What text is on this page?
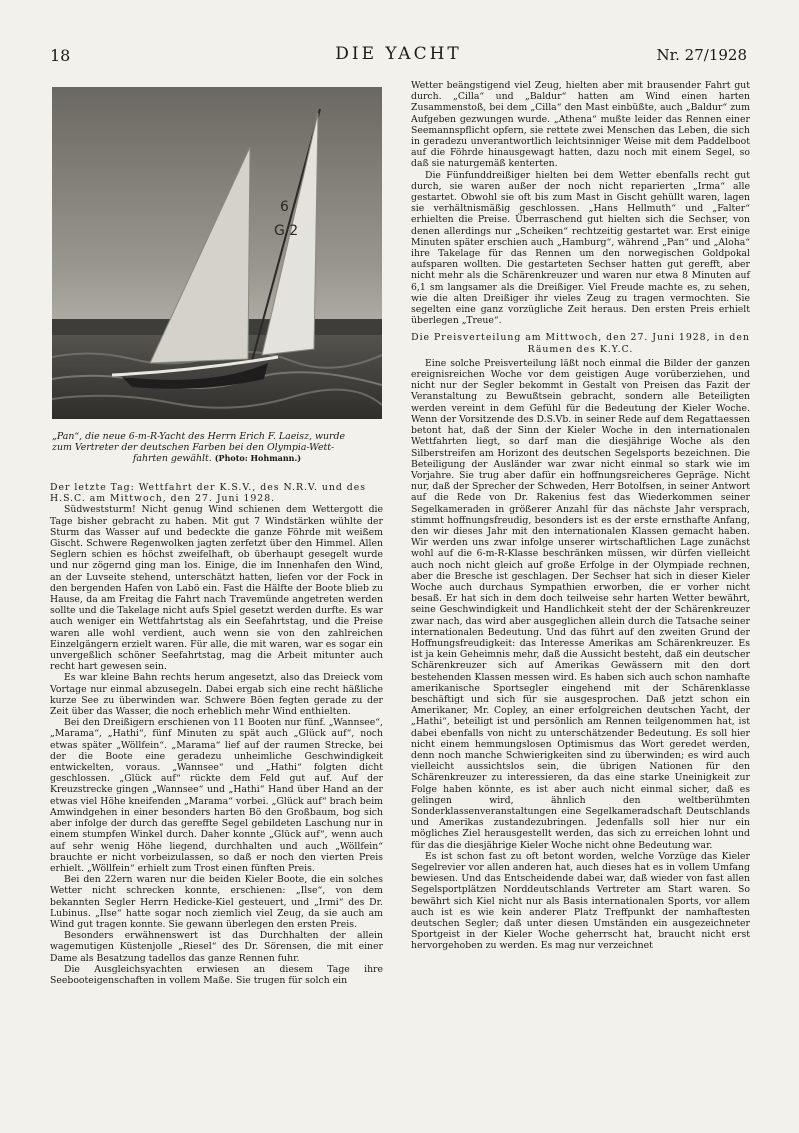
18	DIE YACHT	Nr. 27/1928
6
G 2
„Pan“, die neue 6-m-R-Yacht des Herrn Erich F. Laeisz, wurde
zum Vertreter der deutschen Farben bei den Olympia-Wett-

fahrten gewählt. (Photo: Hohmann.)

Der letzte Tag: Wettfahrt der K.S.V., des N.R.V. und des H.S.C. am Mittwoch, den 27. Juni 1928.

Südweststurm! Nicht genug Wind schienen dem Wettergott die Tage bisher gebracht zu haben. Mit gut 7 Windstärken wühlte der Sturm das Wasser auf und bedeckte die ganze Föhrde mit weißem Gischt. Schwere Regenwolken jagten zerfetzt über den Himmel. Allen Seglern schien es höchst zweifelhaft, ob überhaupt gesegelt wurde und nur zögernd ging man los. Einige, die im Innenhafen den Wind, an der Luvseite stehend, unterschätzt hatten, liefen vor der Fock in den bergenden Hafen von Labö ein. Fast die Hälfte der Boote blieb zu Hause, da am Freitag die Fahrt nach Travemünde angetreten werden sollte und die Takelage nicht aufs Spiel gesetzt werden durfte. Es war auch weniger ein Wettfahrtstag als ein Seefahrtstag, und die Preise waren alle wohl verdient, auch wenn sie von den zahlreichen Einzelgängern erzielt waren. Für alle, die mit waren, war es sogar ein unvergeßlich schöner Seefahrtstag, mag die Arbeit mitunter auch recht hart gewesen sein.

Es war kleine Bahn rechts herum angesetzt, also das Dreieck vom Vortage nur einmal abzusegeln. Dabei ergab sich eine recht häßliche kurze See zu überwinden war. Schwere Böen fegten gerade zu der Zeit über das Wasser, die noch erheblich mehr Wind enthielten.

Bei den Dreißigern erschienen von 11 Booten nur fünf. „Wannsee“, „Marama“, „Hathi“, fünf Minuten zu spät auch „Glück auf“, noch etwas später „Wöllfein“. „Marama“ lief auf der raumen Strecke, bei der die Boote eine geradezu unheimliche Geschwindigkeit entwickelten, voraus. „Wannsee“ und „Hathi“ folgten dicht geschlossen. „Glück auf“ rückte dem Feld gut auf. Auf der Kreuzstrecke gingen „Wannsee“ und „Hathi“ Hand über Hand an der etwas viel Höhe kneifenden „Marama“ vorbei. „Glück auf“ brach beim Amwindgehen in einer besonders harten Bö den Großbaum, bog sich aber infolge der durch das gereffte Segel gebildeten Laschung nur in einem stumpfen Winkel durch. Daher konnte „Glück auf“, wenn auch auf sehr wenig Höhe liegend, durchhalten und auch „Wöllfein“ brauchte er nicht vorbeizulassen, so daß er noch den vierten Preis erhielt. „Wöllfein“ erhielt zum Trost einen fünften Preis.

Bei den 22ern waren nur die beiden Kieler Boote, die ein solches Wetter nicht schrecken konnte, erschienen: „Ilse“, von dem bekannten Segler Herrn Hedicke-Kiel gesteuert, und „Irmi“ des Dr. Lubinus. „Ilse“ hatte sogar noch ziemlich viel Zeug, da sie auch am Wind gut tragen konnte. Sie gewann überlegen den ersten Preis.

Besonders erwähnenswert ist das Durchhalten der allein wagemutigen Küstenjolle „Riesel“ des Dr. Sörensen, die mit einer Dame als Besatzung tadellos das ganze Rennen fuhr.

Die Ausgleichsyachten erwiesen an diesem Tage ihre Seebooteigenschaften in vollem Maße. Sie trugen für solch ein

Wetter beängstigend viel Zeug, hielten aber mit brausender Fahrt gut durch. „Cilla“ und „Baldur“ hatten am Wind einen harten Zusammenstoß, bei dem „Cilla“ den Mast einbüßte, auch „Baldur“ zum Aufgeben gezwungen wurde. „Athena“ mußte leider das Rennen einer Seemannspflicht opfern, sie rettete zwei Menschen das Leben, die sich in geradezu unverantwortlich leichtsinniger Weise mit dem Paddelboot auf die Föhrde hinausgewagt hatten, dazu noch mit einem Segel, so daß sie naturgemäß kenterten.

Die Fünfunddreißiger hielten bei dem Wetter ebenfalls recht gut durch, sie waren außer der noch nicht reparierten „Irma“ alle gestartet. Obwohl sie oft bis zum Mast in Gischt gehüllt waren, lagen sie verhältnismäßig geschlossen. „Hans Hellmuth“ und „Falter“ erhielten die Preise. Überraschend gut hielten sich die Sechser, von denen allerdings nur „Scheiken“ rechtzeitig gestartet war. Erst einige Minuten später erschien auch „Hamburg“, während „Pan“ und „Aloha“ ihre Takelage für das Rennen um den norwegischen Goldpokal aufsparen wollten. Die gestarteten Sechser hatten gut gerefft, aber nicht mehr als die Schärenkreuzer und waren nur etwa 8 Minuten auf 6,1 sm langsamer als die Dreißiger. Viel Freude machte es, zu sehen, wie die alten Dreißiger ihr vieles Zeug zu tragen vermochten. Sie segelten eine ganz vorzügliche Zeit heraus. Den ersten Preis erhielt überlegen „Treue“.

Die Preisverteilung am Mittwoch, den 27. Juni 1928, in den Räumen des K.Y.C.

Eine solche Preisverteilung läßt noch einmal die Bilder der ganzen ereignisreichen Woche vor dem geistigen Auge vorüberziehen, und nicht nur der Segler bekommt in Gestalt von Preisen das Fazit der Veranstaltung zu Bewußtsein gebracht, sondern alle Beteiligten werden vereint in dem Gefühl für die Bedeutung der Kieler Woche. Wenn der Vorsitzende des D.S.Vb. in seiner Rede auf dem Regattaessen betont hat, daß der Sinn der Kieler Woche in den internationalen Wettfahrten liegt, so darf man die diesjährige Woche als den Silberstreifen am Horizont des deutschen Segelsports bezeichnen. Die Beteiligung der Ausländer war zwar nicht einmal so stark wie im Vorjahre. Sie trug aber dafür ein hoffnungsreicheres Gepräge. Nicht nur, daß der Sprecher der Schweden, Herr Botolfsen, in seiner Antwort auf die Rede von Dr. Rakenius fest das Wiederkommen seiner Segelkameraden in größerer Anzahl für das nächste Jahr versprach, stimmt hoffnungsfreudig, besonders ist es der erste ernsthafte Anfang, den wir dieses Jahr mit den internationalen Klassen gemacht haben. Wir werden uns zwar infolge unserer wirtschaftlichen Lage zunächst wohl auf die 6-m-R-Klasse beschränken müssen, wir dürfen vielleicht auch noch nicht gleich auf große Erfolge in der Olympiade rechnen, aber die Bresche ist geschlagen. Der Sechser hat sich in dieser Kieler Woche auch durchaus Sympathien erworben, die er vorher nicht besaß. Er hat sich in dem doch teilweise sehr harten Wetter bewährt, seine Geschwindigkeit und Handlichkeit steht der der Schärenkreuzer zwar nach, das wird aber ausgeglichen allein durch die Tatsache seiner internationalen Bedeutung. Und das führt auf den zweiten Grund der Hoffnungsfreudigkeit: das Interesse Amerikas am Schärenkreuzer. Es ist ja kein Geheimnis mehr, daß die Aussicht besteht, daß ein deutscher Schärenkreuzer sich auf Amerikas Gewässern mit den dort bestehenden Klassen messen wird. Es haben sich auch schon namhafte amerikanische Sportsegler eingehend mit der Schärenklasse beschäftigt und sich für sie ausgesprochen. Daß jetzt schon ein Amerikaner, Mr. Copley, an einer erfolgreichen deutschen Yacht, der „Hathi“, beteiligt ist und persönlich am Rennen teilgenommen hat, ist dabei ebenfalls von nicht zu unterschätzender Bedeutung. Es soll hier nicht einem hemmungslosen Optimismus das Wort geredet werden, denn noch manche Schwierigkeiten sind zu überwinden; es wird auch vielleicht aussichtslos sein, die übrigen Nationen für den Schärenkreuzer zu interessieren, da das eine starke Uneinigkeit zur Folge haben könnte, es ist aber auch nicht einmal sicher, daß es gelingen wird, ähnlich den weltberühmten Sonderklassenveranstaltungen eine Segelkameradschaft Deutschlands und Amerikas zustandezubringen. Jedenfalls soll hier nur ein mögliches Ziel herausgestellt werden, das sich zu erreichen lohnt und für das die diesjährige Kieler Woche nicht ohne Bedeutung war.

Es ist schon fast zu oft betont worden, welche Vorzüge das Kieler Segelrevier vor allen anderen hat, auch dieses hat es in vollem Umfang bewiesen. Und das Entscheidende dabei war, daß wieder von fast allen Segelsportplätzen Norddeutschlands Vertreter am Start waren. So bewährt sich Kiel nicht nur als Basis internationalen Sports, vor allem auch ist es wie kein anderer Platz Treffpunkt der namhaftesten deutschen Segler; daß unter diesen Umständen ein ausgezeichneter Sportgeist in der Kieler Woche geherrscht hat, braucht nicht erst hervorgehoben zu werden. Es mag nur verzeichnet
